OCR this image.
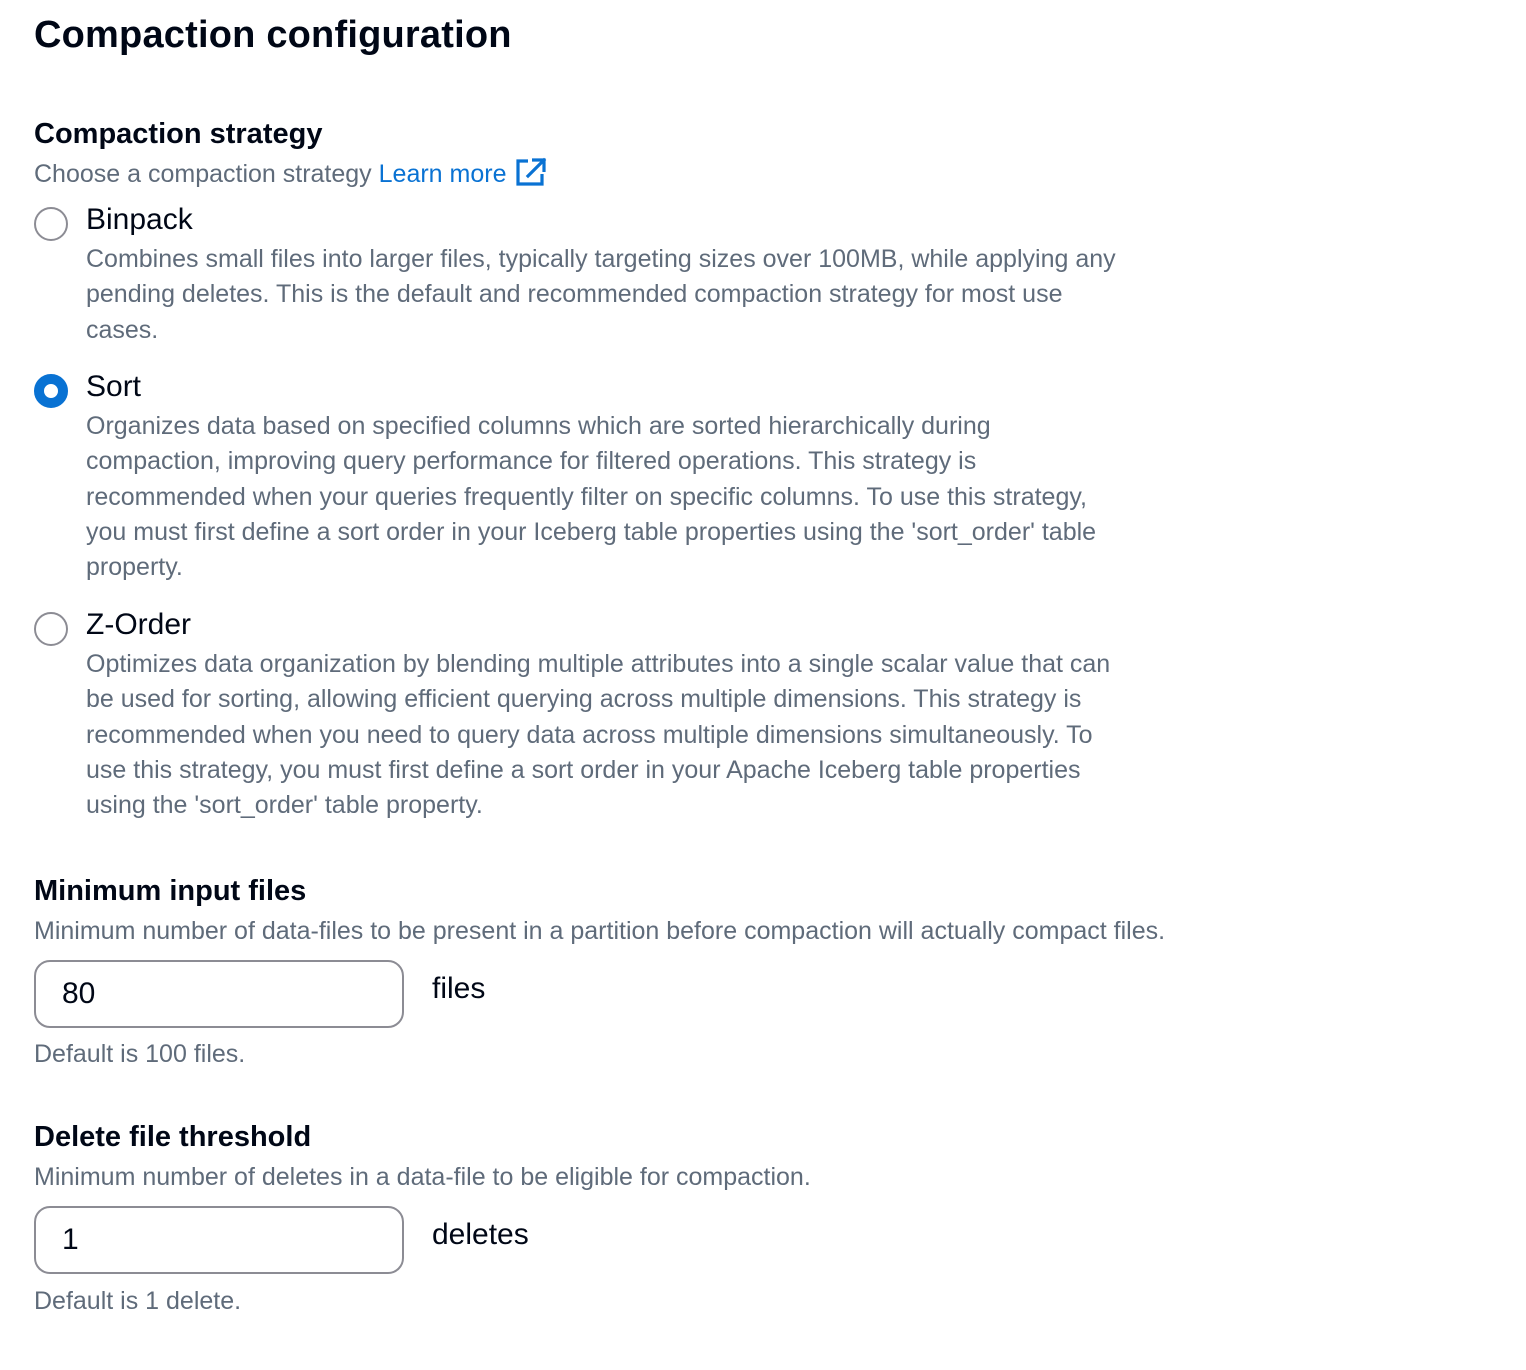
Compaction configuration
Compaction strategy

Choose a compaction strategy Learn more

Binpack
Combines small files into larger files, typically targeting sizes over 100MB, while applying any pending deletes. This is the default and recommended compaction strategy for most use cases.
Sort
Organizes data based on specified columns which are sorted hierarchically during compaction, improving query performance for filtered operations. This strategy is recommended when your queries frequently filter on specific columns. To use this strategy, you must first define a sort order in your Iceberg table properties using the 'sort_order' table property.
Z-Order
Optimizes data organization by blending multiple attributes into a single scalar value that can be used for sorting, allowing efficient querying across multiple dimensions. This strategy is recommended when you need to query data across multiple dimensions simultaneously. To use this strategy, you must first define a sort order in your Apache Iceberg table properties using the 'sort_order' table property.
Minimum input files

Minimum number of data-files to be present in a partition before compaction will actually compact files.

80
files
Default is 100 files.
Delete file threshold

Minimum number of deletes in a data-file to be eligible for compaction.

1
deletes
Default is 1 delete.
